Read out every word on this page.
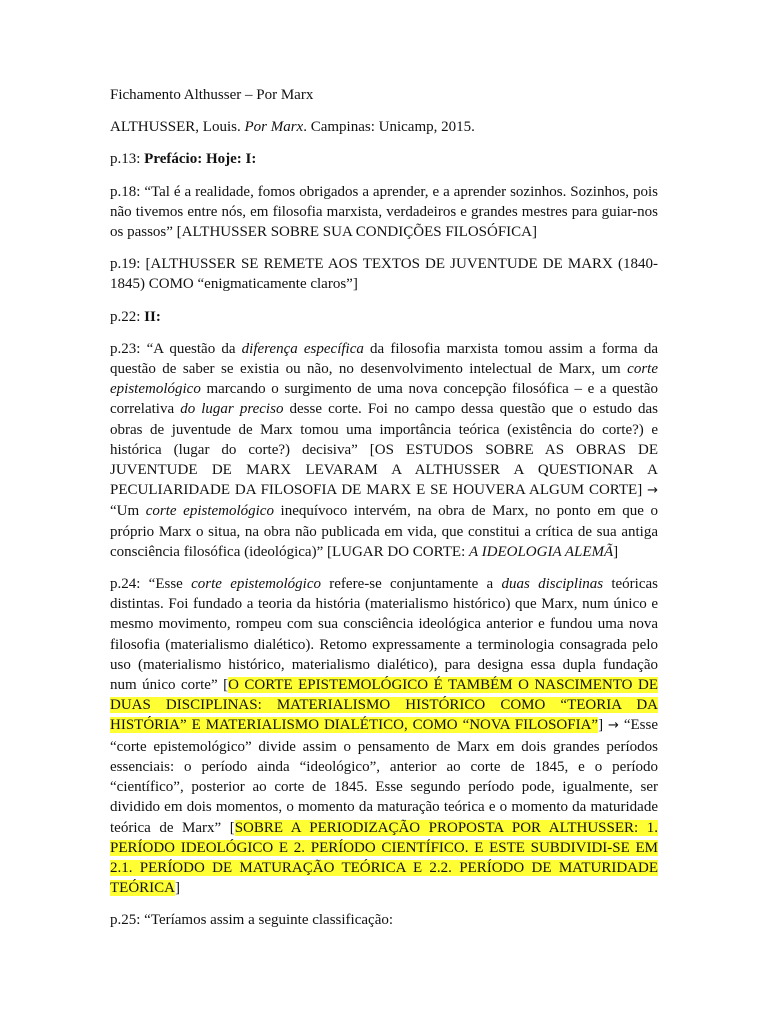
Fichamento Althusser – Por Marx

ALTHUSSER, Louis. Por Marx. Campinas: Unicamp, 2015.

p.13: Prefácio: Hoje: I:

p.18: “Tal é a realidade, fomos obrigados a aprender, e a aprender sozinhos. Sozinhos, pois não tivemos entre nós, em filosofia marxista, verdadeiros e grandes mestres para guiar-nos os passos” [ALTHUSSER SOBRE SUA CONDIÇÕES FILOSÓFICA]

p.19: [ALTHUSSER SE REMETE AOS TEXTOS DE JUVENTUDE DE MARX (1840-1845) COMO “enigmaticamente claros”]

p.22: II:

p.23: “A questão da diferença específica da filosofia marxista tomou assim a forma da questão de saber se existia ou não, no desenvolvimento intelectual de Marx, um corte epistemológico marcando o surgimento de uma nova concepção filosófica – e a questão correlativa do lugar preciso desse corte. Foi no campo dessa questão que o estudo das obras de juventude de Marx tomou uma importância teórica (existência do corte?) e histórica (lugar do corte?) decisiva” [OS ESTUDOS SOBRE AS OBRAS DE JUVENTUDE DE MARX LEVARAM A ALTHUSSER A QUESTIONAR A PECULIARIDADE DA FILOSOFIA DE MARX E SE HOUVERA ALGUM CORTE] → “Um corte epistemológico inequívoco intervém, na obra de Marx, no ponto em que o próprio Marx o situa, na obra não publicada em vida, que constitui a crítica de sua antiga consciência filosófica (ideológica)” [LUGAR DO CORTE: A IDEOLOGIA ALEMÃ]

p.24: “Esse corte epistemológico refere-se conjuntamente a duas disciplinas teóricas distintas. Foi fundado a teoria da história (materialismo histórico) que Marx, num único e mesmo movimento, rompeu com sua consciência ideológica anterior e fundou uma nova filosofia (materialismo dialético). Retomo expressamente a terminologia consagrada pelo uso (materialismo histórico, materialismo dialético), para designa essa dupla fundação num único corte” [O CORTE EPISTEMOLÓGICO É TAMBÉM O NASCIMENTO DE DUAS DISCIPLINAS: MATERIALISMO HISTÓRICO COMO “TEORIA DA HISTÓRIA” E MATERIALISMO DIALÉTICO, COMO “NOVA FILOSOFIA”] → “Esse “corte epistemológico” divide assim o pensamento de Marx em dois grandes períodos essenciais: o período ainda “ideológico”, anterior ao corte de 1845, e o período “científico”, posterior ao corte de 1845. Esse segundo período pode, igualmente, ser dividido em dois momentos, o momento da maturação teórica e o momento da maturidade teórica de Marx” [SOBRE A PERIODIZAÇÃO PROPOSTA POR ALTHUSSER: 1. PERÍODO IDEOLÓGICO E 2. PERÍODO CIENTÍFICO. E ESTE SUBDIVIDI-SE EM 2.1. PERÍODO DE MATURAÇÃO TEÓRICA E 2.2. PERÍODO DE MATURIDADE TEÓRICA]

p.25: “Teríamos assim a seguinte classificação:
